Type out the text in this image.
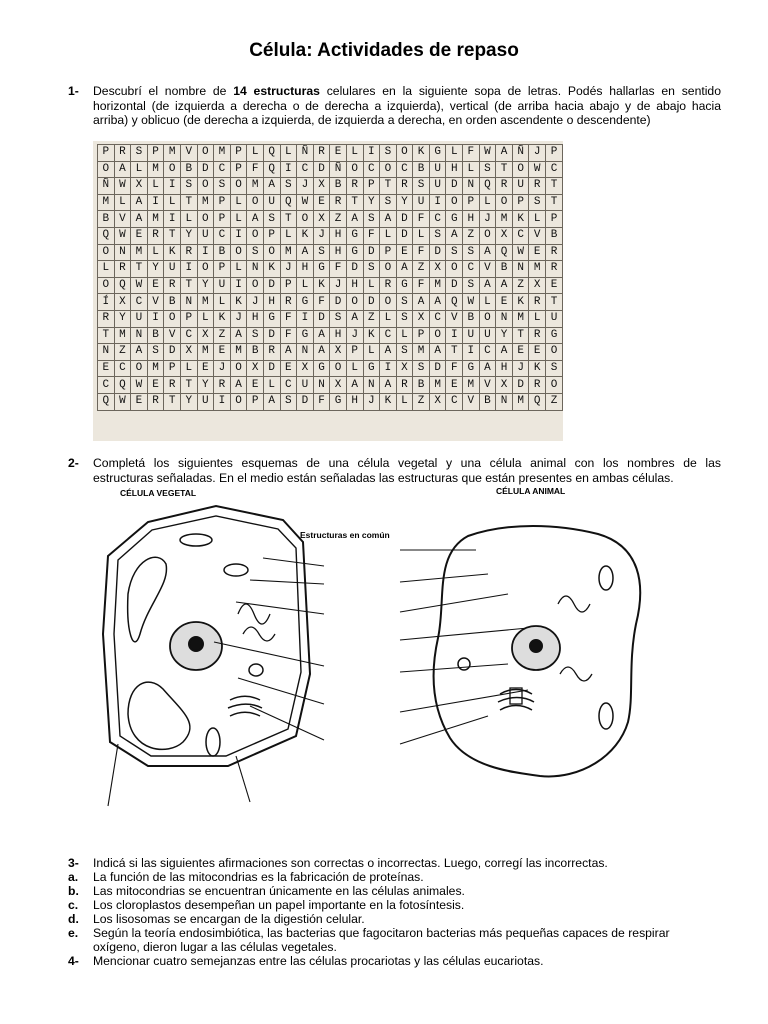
Célula: Actividades de repaso
1- Descubrí el nombre de 14 estructuras celulares en la siguiente sopa de letras. Podés hallarlas en sentido
horizontal (de izquierda a derecha o de derecha a izquierda), vertical (de arriba hacia abajo y de abajo hacia
arriba) y oblicuo (de derecha a izquierda, de izquierda a derecha, en orden ascendente o descendente)
P	R	S	P	M	V	O	M	P	L	Q	L	Ñ	R	E	L	I	S	O	K	G	L	F	W	A	Ñ	J	P
O	A	L	M	O	B	D	C	P	F	Q	I	C	D	Ñ	O	C	O	C	B	U	H	L	S	T	O	W	C
Ñ	W	X	L	I	S	O	S	O	M	A	S	J	X	B	R	P	T	R	S	U	D	N	Q	R	U	R	T
M	L	A	I	L	T	M	P	L	O	U	Q	W	E	R	T	Y	S	Y	U	I	O	P	L	O	P	S	T
B	V	A	M	I	L	O	P	L	A	S	T	O	X	Z	A	S	A	D	F	C	G	H	J	M	K	L	P
Q	W	E	R	T	Y	U	C	I	O	P	L	K	J	H	G	F	L	D	L	S	A	Z	O	X	C	V	B
O	N	M	L	K	R	I	B	O	S	O	M	A	S	H	G	D	P	E	F	D	S	S	A	Q	W	E	R
L	R	T	Y	U	I	O	P	L	N	K	J	H	G	F	D	S	O	A	Z	X	O	C	V	B	N	M	R
O	Q	W	E	R	T	Y	U	I	O	D	P	L	K	J	H	L	R	G	F	M	D	S	A	A	Z	X	E
Í	X	C	V	B	N	M	L	K	J	H	R	G	F	D	O	D	O	S	A	A	Q	W	L	E	K	R	T
R	Y	U	I	O	P	L	K	J	H	G	F	I	D	S	A	Z	L	S	X	C	V	B	O	N	M	L	U
T	M	N	B	V	C	X	Z	A	S	D	F	G	A	H	J	K	C	L	P	O	I	U	U	Y	T	R	G
N	Z	A	S	D	X	M	E	M	B	R	A	N	A	X	P	L	A	S	M	A	T	I	C	A	E	E	O
E	C	O	M	P	L	E	J	O	X	D	E	X	G	O	L	G	I	X	S	D	F	G	A	H	J	K	S
C	Q	W	E	R	T	Y	R	A	E	L	C	U	N	X	A	N	A	R	B	M	E	M	V	X	D	R	O
Q	W	E	R	T	Y	U	I	O	P	A	S	D	F	G	H	J	K	L	Z	X	C	V	B	N	M	Q	Z
2- Completá los siguientes esquemas de una célula vegetal y una célula animal con los nombres de las
estructuras señaladas. En el medio están señaladas las estructuras que están presentes en ambas células.
CÉLULA VEGETAL
Estructuras en común
CÉLULA ANIMAL
3- Indicá si las siguientes afirmaciones son correctas o incorrectas. Luego, corregí las incorrectas.
a. La función de las mitocondrias es la fabricación de proteínas.
b. Las mitocondrias se encuentran únicamente en las células animales.
c. Los cloroplastos desempeñan un papel importante en la fotosíntesis.
d. Los lisosomas se encargan de la digestión celular.
e. Según la teoría endosimbiótica, las bacterias que fagocitaron bacterias más pequeñas capaces de respirar
oxígeno, dieron lugar a las células vegetales.
4- Mencionar cuatro semejanzas entre las células procariotas y las células eucariotas.
